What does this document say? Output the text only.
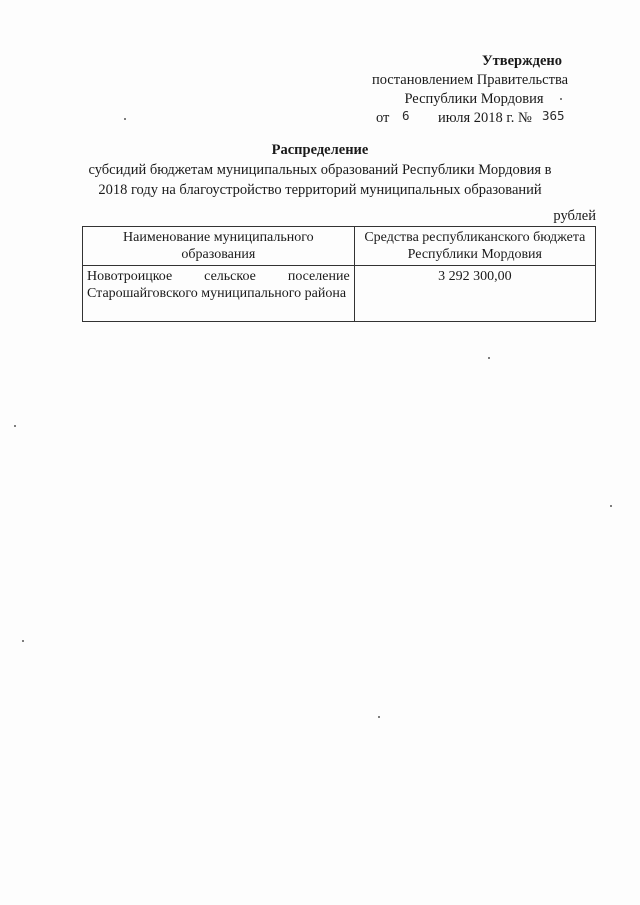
Утверждено
постановлением Правительства
Республики Мордовия
от 6 июля 2018 г. № 365
Распределение
субсидий бюджетам муниципальных образований Республики Мордовия в
2018 году на благоустройство территорий муниципальных образований
рублей
Наименование муниципального образования	Средства республиканского бюджета Республики Мордовия
Новотроицкое сельское поселение Старошайговского муниципального района	3 292 300,00
